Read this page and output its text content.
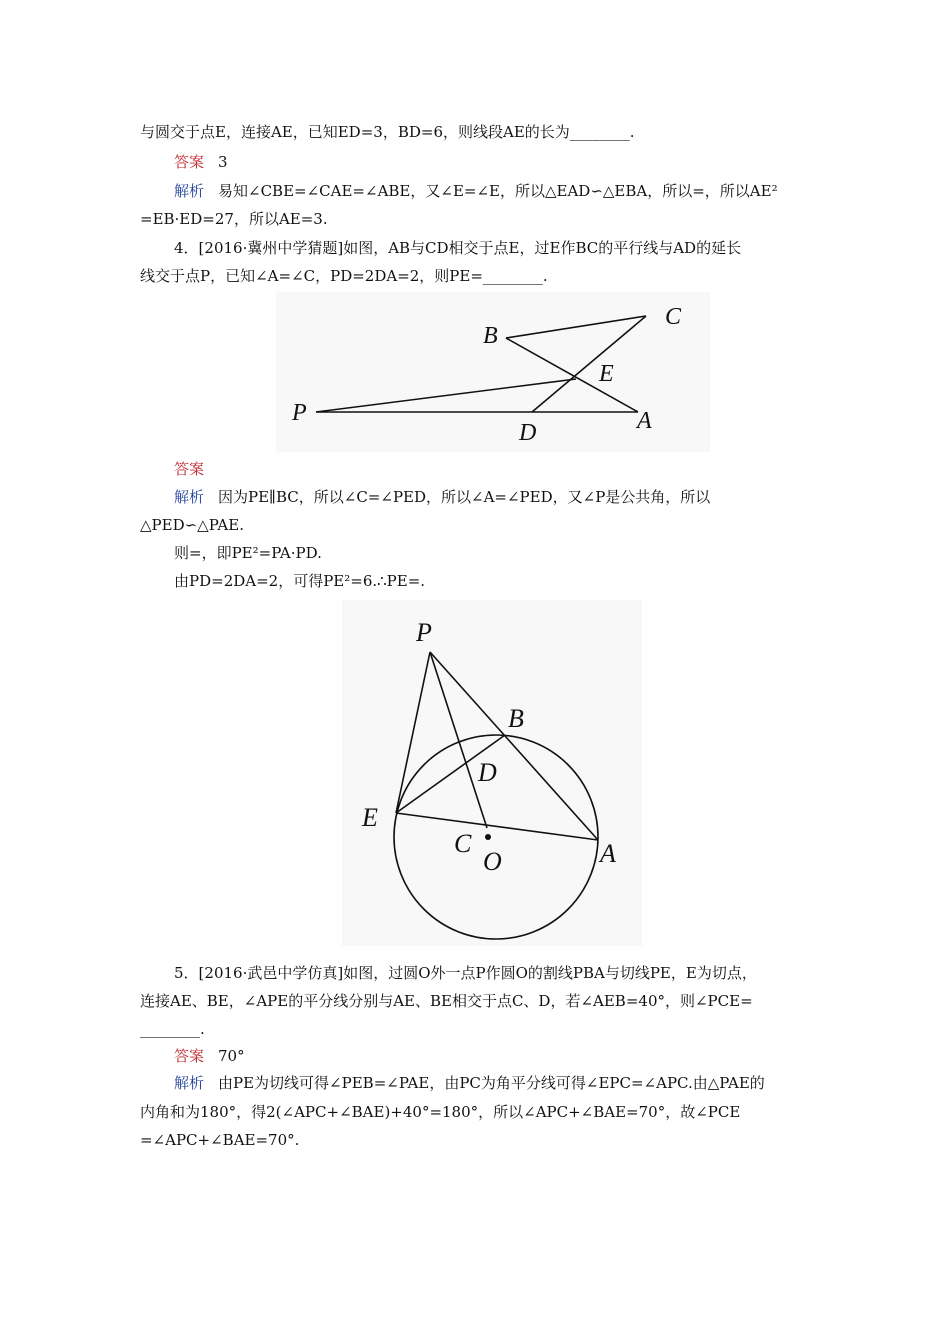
与圆交于点E，连接AE，已知ED=3，BD=6，则线段AE的长为________.
答案 3
解析 易知∠CBE=∠CAE=∠ABE，又∠E=∠E，所以△EAD∽△EBA，所以=，所以AE²
=EB·ED=27，所以AE=3.
4．[2016·冀州中学猜题]如图，AB与CD相交于点E，过E作BC的平行线与AD的延长
线交于点P，已知∠A=∠C，PD=2DA=2，则PE=________.
B
C
E
P
D	A
答案
解析 因为PE∥BC，所以∠C=∠PED，所以∠A=∠PED，又∠P是公共角，所以
△PED∽△PAE.
则=，即PE²=PA·PD.
由PD=2DA=2，可得PE²=6.∴PE=.
P
B
D
E
C
O	A
5．[2016·武邑中学仿真]如图，过圆O外一点P作圆O的割线PBA与切线PE，E为切点，
连接AE、BE，∠APE的平分线分别与AE、BE相交于点C、D，若∠AEB=40°，则∠PCE=
________.
答案 70°
解析 由PE为切线可得∠PEB=∠PAE，由PC为角平分线可得∠EPC=∠APC.由△PAE的
内角和为180°，得2(∠APC+∠BAE)+40°=180°，所以∠APC+∠BAE=70°，故∠PCE
=∠APC+∠BAE=70°.
